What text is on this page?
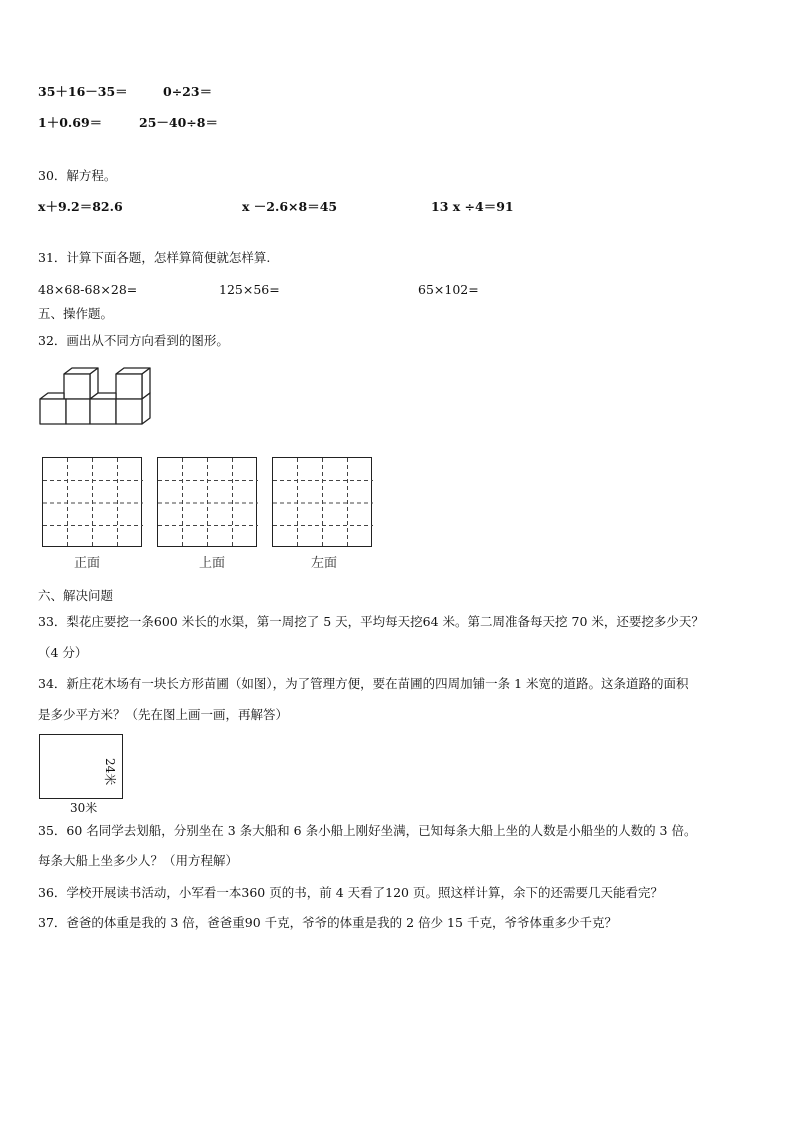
35＋16－35＝	0÷23＝
1＋0.69＝	25－40÷8＝
30．解方程。
x＋9.2＝82.6	x －2.6×8＝45	13 x ÷4＝91
31．计算下面各题，怎样算简便就怎样算.
48×68-68×28=	125×56=	65×102=
五、操作题。
32．画出从不同方向看到的图形。
正面	上面	左面
六、解决问题
33．梨花庄要挖一条600 米长的水渠，第一周挖了 5 天，平均每天挖64 米。第二周准备每天挖 70 米，还要挖多少天？
（4 分）
34．新庄花木场有一块长方形苗圃（如图），为了管理方便，要在苗圃的四周加铺一条 1 米宽的道路。这条道路的面积
是多少平方米？（先在图上画一画，再解答）
30米
24米
35．60 名同学去划船，分别坐在 3 条大船和 6 条小船上刚好坐满，已知每条大船上坐的人数是小船坐的人数的 3 倍。
每条大船上坐多少人？（用方程解）
36．学校开展读书活动，小军看一本360 页的书，前 4 天看了120 页。照这样计算，余下的还需要几天能看完？
37．爸爸的体重是我的 3 倍，爸爸重90 千克，爷爷的体重是我的 2 倍少 15 千克，爷爷体重多少千克？
